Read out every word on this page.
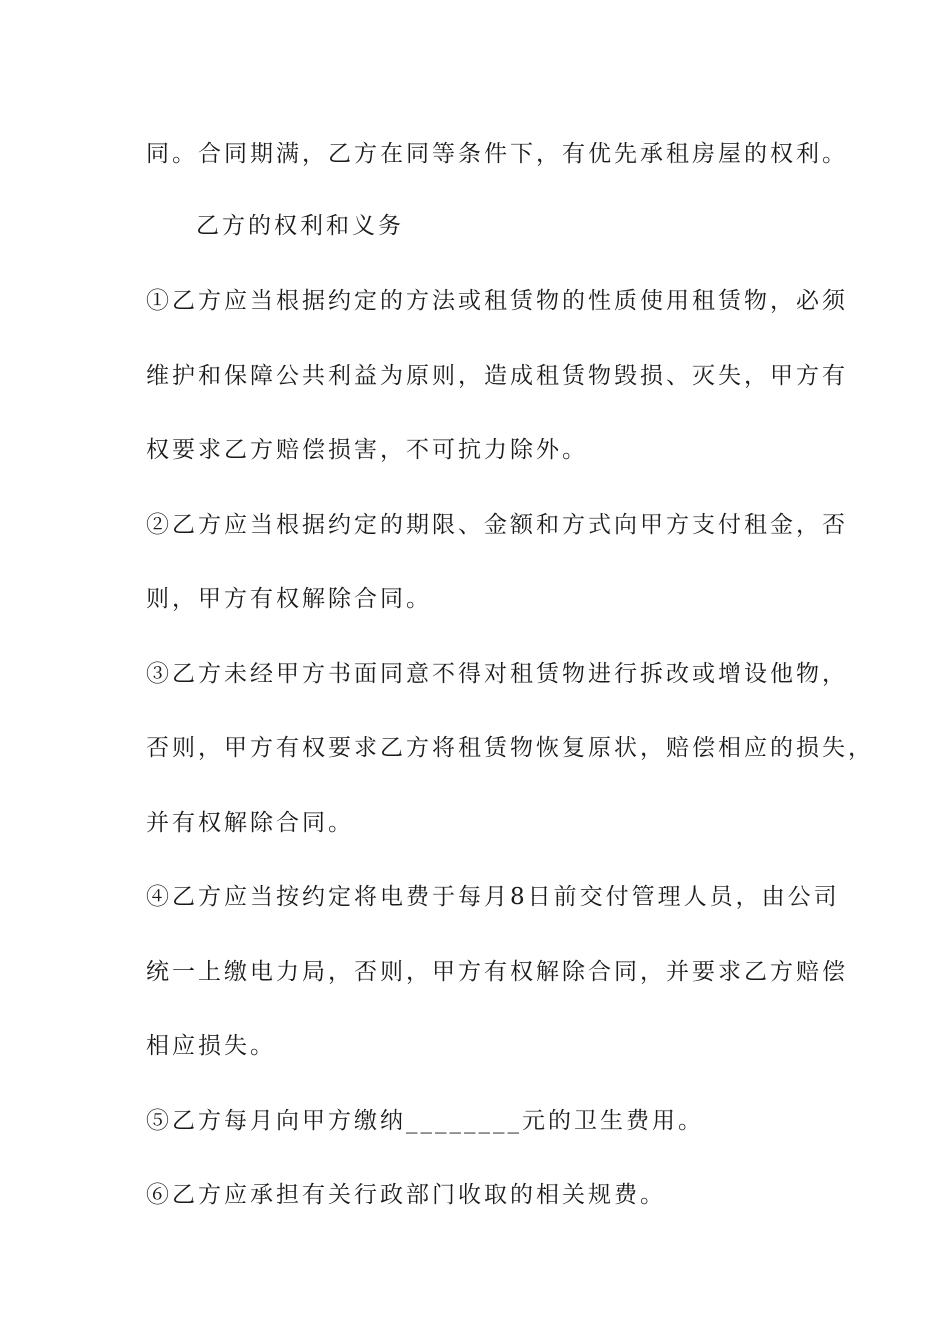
同。合同期满，乙方在同等条件下，有优先承租房屋的权利。
乙方的权利和义务
①乙方应当根据约定的方法或租赁物的性质使用租赁物，必须
维护和保障公共利益为原则，造成租赁物毁损、灭失，甲方有
权要求乙方赔偿损害，不可抗力除外。
②乙方应当根据约定的期限、金额和方式向甲方支付租金，否
则，甲方有权解除合同。
③乙方未经甲方书面同意不得对租赁物进行拆改或增设他物，
否则，甲方有权要求乙方将租赁物恢复原状，赔偿相应的损失，
并有权解除合同。
④乙方应当按约定将电费于每月8日前交付管理人员，由公司
统一上缴电力局，否则，甲方有权解除合同，并要求乙方赔偿
相应损失。
⑤乙方每月向甲方缴纳________元的卫生费用。
⑥乙方应承担有关行政部门收取的相关规费。
